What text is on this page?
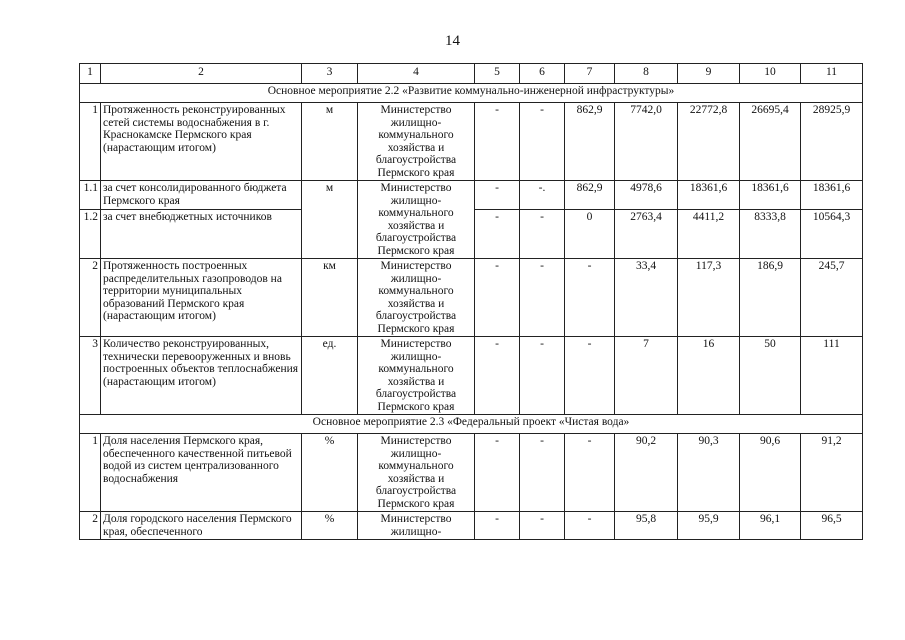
14
1	2	3	4	5	6	7	8	9	10	11
Основное мероприятие 2.2 «Развитие коммунально-инженерной инфраструктуры»										
1	Протяженность реконструированных сетей системы водоснабжения в г. Краснокамске Пермского края (нарастающим итогом)	м	Министерство жилищно-коммунального хозяйства и благоустройства Пермского края	-	-	862,9	7742,0	22772,8	26695,4	28925,9
1.1	за счет консолидированного бюджета Пермского края	м	Министерство жилищно-коммунального хозяйства и благоустройства Пермского края	-	-.	862,9	4978,6	18361,6	18361,6	18361,6
1.2	за счет внебюджетных источников			-	-	0	2763,4	4411,2	8333,8	10564,3
2	Протяженность построенных распределительных газопроводов на территории муниципальных образований Пермского края (нарастающим итогом)	км	Министерство жилищно-коммунального хозяйства и благоустройства Пермского края	-	-	-	33,4	117,3	186,9	245,7
3	Количество реконструированных, технически перевооруженных и вновь построенных объектов теплоснабжения (нарастающим итогом)	ед.	Министерство жилищно-коммунального хозяйства и благоустройства Пермского края	-	-	-	7	16	50	111
Основное мероприятие 2.3 «Федеральный проект «Чистая вода»										
1	Доля населения Пермского края, обеспеченного качественной питьевой водой из систем централизованного водоснабжения	%	Министерство жилищно-коммунального хозяйства и благоустройства Пермского края	-	-	-	90,2	90,3	90,6	91,2
2	Доля городского населения Пермского края, обеспеченного	%	Министерство жилищно-	-	-	-	95,8	95,9	96,1	96,5
